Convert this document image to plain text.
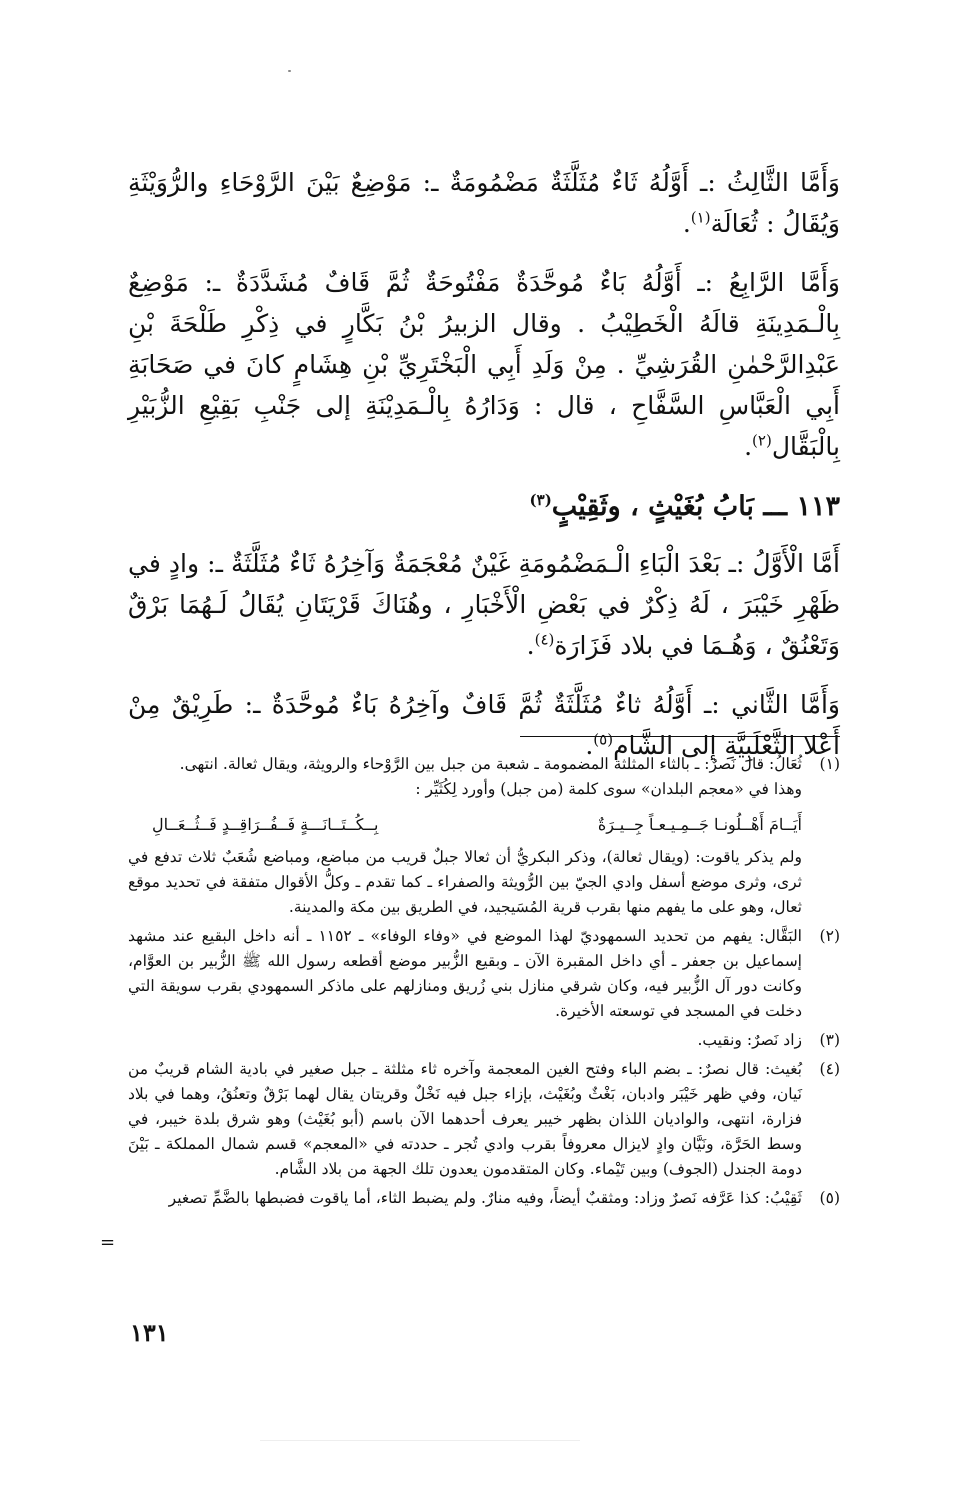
وَأَمَّا الثَّالِثُ :ـ أَوَّلُهُ ثَاءٌ مُثَلَّثَةٌ مَضْمُومَةٌ ـ: مَوْضِعٌ بَيْنَ الرَّوْحَاءِ والرُّوَيْثَةِ وَيُقَالُ : ثُعَالَة$^{(١)}$.

وَأَمَّا الرَّابِعُ :ـ أَوَّلُهُ بَاءٌ مُوحَّدَةٌ مَفْتُوحَةٌ ثُمَّ قَافٌ مُشَدَّدَةٌ ـ: مَوْضِعٌ بِالْـمَدِينَةِ قالَهُ الْخَطِيْبُ . وقال الزبيرُ بْنُ بَكَّارٍ في ذِكْرِ طَلْحَةَ بْنِ عَبْدِالرَّحْمٰنِ القُرَشِيِّ . مِنْ وَلَدِ أَبِي الْبَخْتَرِيِّ بْنِ هِشَامٍ كانَ في صَحَابَةِ أَبِي الْعَبَّاسِ السَّفَّاحِ ، قال : وَدَارُهُ بِالْـمَدِيْنَةِ إلى جَنْبِ بَقِيْعِ الزُّبَيْرِ بِالْبَقَّال$^{(٢)}$.

١١٣ ـــ بَابُ بُغَيْثٍ ، وثَقِيْبٍ$^{(٣)}$

أَمَّا الْأَوَّلُ :ـ بَعْدَ الْبَاءِ الْـمَضْمُومَةِ غَيْنٌ مُعْجَمَةٌ وَآخِرُهُ ثَاءٌ مُثَلَّثَةٌ ـ: وادٍ في ظَهْرِ خَيْبَرَ ، لَهُ ذِكْرٌ في بَعْضِ الْأَخْبَارِ ، وهُنَاكَ قَرْيَتَانِ يُقَالُ لَـهُمَا بَرْقٌ وَتَعْنُقٌ ، وَهُـمَا في بلاد فَزَارَة$^{(٤)}$.

وَأَمَّا الثَّاني :ـ أَوَّلُهُ ثاءٌ مُثَلَّثَةٌ ثُمَّ قَافٌ وآخِرُهُ بَاءٌ مُوحَّدَةٌ ـ: طَرِيْقٌ مِنْ أَعْلا الثَّعْلَبِيَّةِ إلى الشَّام$^{(٥)}$.

(١)
ثُعَالُ: قال نَصرٌ: ـ بالثاء المثلثة المضمومة ـ شعبة من جبل بين الرَّوْحاء والرويثة، ويقال ثعالة. انتهى.
وهذا في «معجم البلدان» سوى كلمة (من جبل) وأورد لِكُثَيِّر :
أَيَــامَ أَهْــلُونـا جَــمِـيـعـاً جِــيـرَةٌ
بِــكُــتَــانَـــةٍ فَــفُــرَاقِــدٍ فَــثُــعَــالِ
ولم يذكر ياقوت: (ويقال ثعالة)، وذكر البكريُّ أن ثعالا جبلٌ قريب من مباضع، ومباضع شُعَبٌ ثلاث تدفع في ثرى، وثرى موضع أسفل وادي الجيّ بين الرُّويثة والصفراء ـ كما تقدم ـ وكلُّ الأقوال متفقة في تحديد موقع ثعال، وهو على ما يفهم منها بقرب قرية المُسَيجيد، في الطريق بين مكة والمدينة.
(٢)
البَقَّال: يفهم من تحديد السمهوديّ لهذا الموضع في «وفاء الوفاء» ـ ١١٥٢ ـ أنه داخل البقيع عند مشهد إسماعيل بن جعفر ـ أي داخل المقبرة الآن ـ وبقيع الزُّبير موضع أقطعه رسول الله ﷺ الزُّبير بن العوَّام، وكانت دور آل الزُّبير فيه، وكان شرقي منازل بني زُريق ومنازلهم على ماذكر السمهودي بقرب سويقة التي دخلت في المسجد في توسعته الأخيرة.
(٣)
زاد نَصرٌ: ونقيب.
(٤)
بُغيث: قال نصرٌ: ـ بضم الباء وفتح الغين المعجمة وآخره ثاء مثلثة ـ جبل صغير في بادية الشام قريبٌ من نَيان، وفي ظهر خَيْبَر وادبان، بَغْثٌ وبُغَيْث، بإزاء جبل فيه نَخْلٌ وقريتان يقال لهما بَرْقٌ وتعنُقُ، وهما في بلاد فزارة، انتهى، والواديان اللذان بظهر خيبر يعرف أحدهما الآن باسم (أبو بُغَيْث) وهو شرق بلدة خيبر، في وسط الحَرَّة، ونَيَّان وادٍ لايزال معروفاً بقرب وادي تُجر ـ حددته في «المعجم» قسم شمال المملكة ـ بَيْنَ دومة الجندل (الجوف) وبين تَيْماء. وكان المتقدمون يعدون تلك الجهة من بلاد الشَّام.
(٥)
ثَقِيْبُ: كذا عَرَّفه نَصرٌ وزاد: ومثقبٌ أيضاً، وفيه منارٌ. ولم يضبط الثاء، أما ياقوت فضبطها بالضَّمِّ تصغير
=
١٣١
